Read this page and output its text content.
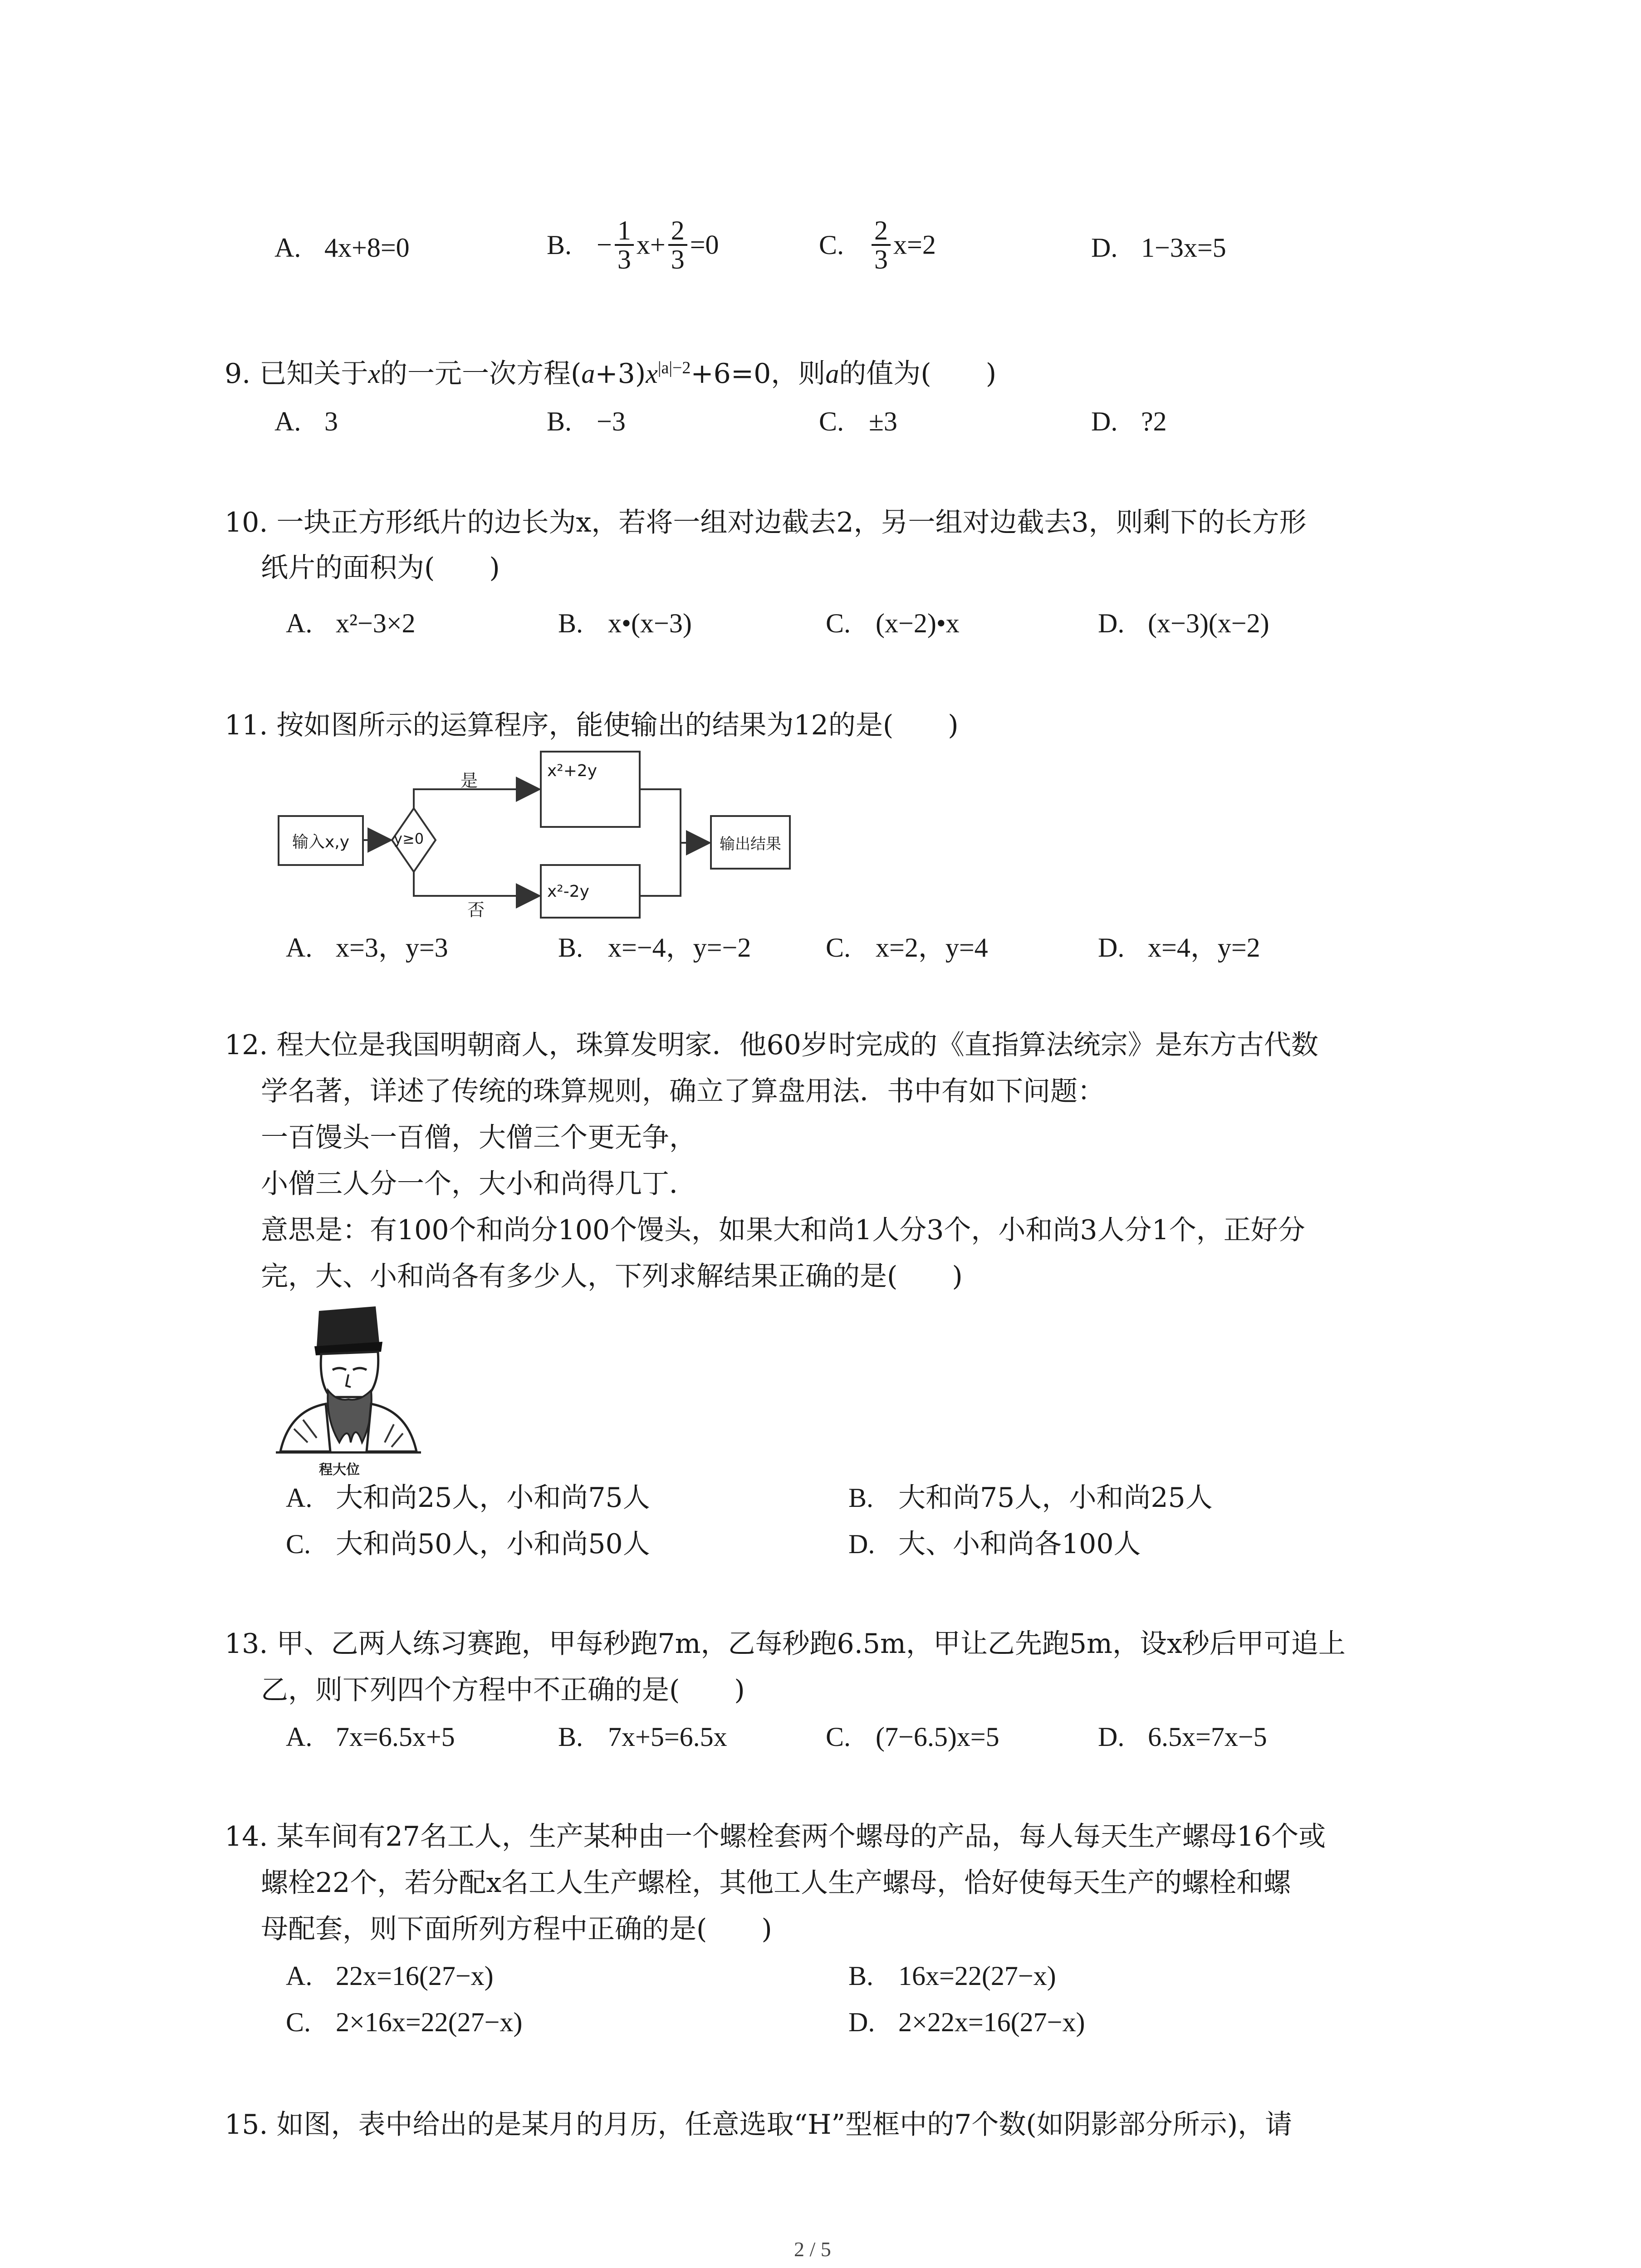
A. 4x+8=0	B. − $\frac{1}{3} x+ \frac{2}{3} =0$	C. $\frac{2}{3} x=2$	D. 1−3x=5
9. 已知关于x的一元一次方程$(a+3)x^{|a|-2}+6=0$，则a的值为(　　)
A. 3	B. −3	C. ±3	D. ?2
10. 一块正方形纸片的边长为x，若将一组对边截去2，另一组对边截去3，则剩下的长方形
纸片的面积为(　　)
A. x²−3×2	B. x•(x−3)	C. (x−2)•x	D. (x−3)(x−2)
11. 按如图所示的运算程序，能使输出的结果为12的是(　　)
输入x,y	y≥0
是
否
x²+2y
x²-2y
输出结果
A. x=3，y=3	B. x=−4，y=−2	C. x=2，y=4	D. x=4，y=2
12. 程大位是我国明朝商人，珠算发明家．他60岁时完成的《直指算法统宗》是东方古代数
学名著，详述了传统的珠算规则，确立了算盘用法．书中有如下问题：
一百馒头一百僧，大僧三个更无争，
小僧三人分一个，大小和尚得几丁．
意思是：有100个和尚分100个馒头，如果大和尚1人分3个，小和尚3人分1个，正好分
完，大、小和尚各有多少人，下列求解结果正确的是(　　)
程大位
A. 大和尚25人，小和尚75人	B. 大和尚75人，小和尚25人
C. 大和尚50人，小和尚50人	D. 大、小和尚各100人
13. 甲、乙两人练习赛跑，甲每秒跑7m，乙每秒跑6.5m，甲让乙先跑5m，设x秒后甲可追上
乙，则下列四个方程中不正确的是(　　)
A. 7x=6.5x+5	B. 7x+5=6.5x	C. (7−6.5)x=5	D. 6.5x=7x−5
14. 某车间有27名工人，生产某种由一个螺栓套两个螺母的产品，每人每天生产螺母16个或
螺栓22个，若分配x名工人生产螺栓，其他工人生产螺母，恰好使每天生产的螺栓和螺
母配套，则下面所列方程中正确的是(　　)
A. 22x=16(27−x)	B. 16x=22(27−x)
C. 2×16x=22(27−x)	D. 2×22x=16(27−x)
15. 如图，表中给出的是某月的月历，任意选取“H”型框中的7个数(如阴影部分所示)，请
2 / 5
